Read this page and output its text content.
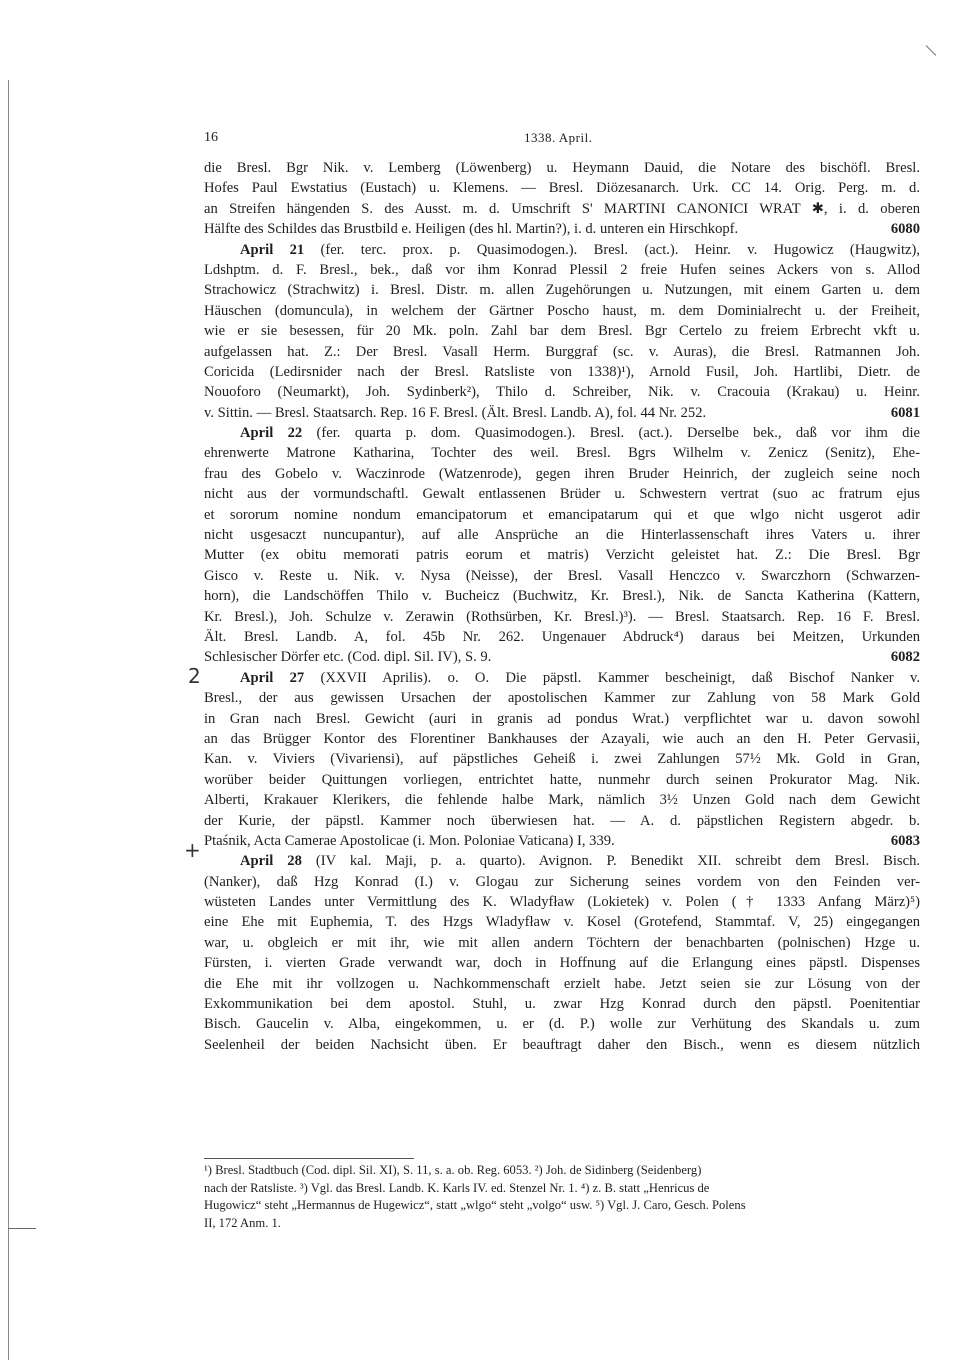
16	1338. April.
die Bresl. Bgr Nik. v. Lemberg (Löwenberg) u. Heymann Dauid, die Notare des bischöfl. Bresl.
Hofes Paul Ewstatius (Eustach) u. Klemens. — Bresl. Diözesanarch. Urk. CC 14. Orig. Perg. m. d.
an Streifen hängenden S. des Ausst. m. d. Umschrift S' MARTINI CANONICI WRAT ✱, i. d. oberen
Hälfte des Schildes das Brustbild e. Heiligen (des hl. Martin?), i. d. unteren ein Hirschkopf.	6080
April 21 (fer. terc. prox. p. Quasimodogen.). Bresl. (act.). Heinr. v. Hugowicz (Haugwitz),
Ldshptm. d. F. Bresl., bek., daß vor ihm Konrad Plessil 2 freie Hufen seines Ackers von s. Allod
Strachowicz (Strachwitz) i. Bresl. Distr. m. allen Zugehörungen u. Nutzungen, mit einem Garten u. dem
Häuschen (domuncula), in welchem der Gärtner Poscho haust, m. dem Dominialrecht u. der Freiheit,
wie er sie besessen, für 20 Mk. poln. Zahl bar dem Bresl. Bgr Certelo zu freiem Erbrecht vkft u.
aufgelassen hat. Z.: Der Bresl. Vasall Herm. Burggraf (sc. v. Auras), die Bresl. Ratmannen Joh.
Coricida (Ledirsnider nach der Bresl. Ratsliste von 1338)¹), Arnold Fusil, Joh. Hartlibi, Dietr. de
Nouoforo (Neumarkt), Joh. Sydinberk²), Thilo d. Schreiber, Nik. v. Cracouia (Krakau) u. Heinr.
v. Sittin. — Bresl. Staatsarch. Rep. 16 F. Bresl. (Ält. Bresl. Landb. A), fol. 44 Nr. 252.	6081
April 22 (fer. quarta p. dom. Quasimodogen.). Bresl. (act.). Derselbe bek., daß vor ihm die
ehrenwerte Matrone Katharina, Tochter des weil. Bresl. Bgrs Wilhelm v. Zenicz (Senitz), Ehe-
frau des Gobelo v. Waczinrode (Watzenrode), gegen ihren Bruder Heinrich, der zugleich seine noch
nicht aus der vormundschaftl. Gewalt entlassenen Brüder u. Schwestern vertrat (suo ac fratrum ejus
et sororum nomine nondum emancipatorum et emancipatarum qui et que wlgo nicht usgerot adir
nicht usgesaczt nuncupantur), auf alle Ansprüche an die Hinterlassenschaft ihres Vaters u. ihrer
Mutter (ex obitu memorati patris eorum et matris) Verzicht geleistet hat. Z.: Die Bresl. Bgr
Gisco v. Reste u. Nik. v. Nysa (Neisse), der Bresl. Vasall Henczco v. Swarczhorn (Schwarzen-
horn), die Landschöffen Thilo v. Bucheicz (Buchwitz, Kr. Bresl.), Nik. de Sancta Katherina (Kattern,
Kr. Bresl.), Joh. Schulze v. Zerawin (Rothsürben, Kr. Bresl.)³). — Bresl. Staatsarch. Rep. 16 F. Bresl.
Ält. Bresl. Landb. A, fol. 45b Nr. 262. Ungenauer Abdruck⁴) daraus bei Meitzen, Urkunden
Schlesischer Dörfer etc. (Cod. dipl. Sil. IV), S. 9.	6082
April 27 (XXVII Aprilis). o. O. Die päpstl. Kammer bescheinigt, daß Bischof Nanker v.
Bresl., der aus gewissen Ursachen der apostolischen Kammer zur Zahlung von 58 Mark Gold
in Gran nach Bresl. Gewicht (auri in granis ad pondus Wrat.) verpflichtet war u. davon sowohl
an das Brügger Kontor des Florentiner Bankhauses der Azayali, wie auch an den H. Peter Gervasii,
Kan. v. Viviers (Vivariensi), auf päpstliches Geheiß i. zwei Zahlungen 57½ Mk. Gold in Gran,
worüber beider Quittungen vorliegen, entrichtet hatte, nunmehr durch seinen Prokurator Mag. Nik.
Alberti, Krakauer Klerikers, die fehlende halbe Mark, nämlich 3½ Unzen Gold nach dem Gewicht
der Kurie, der päpstl. Kammer noch überwiesen hat. — A. d. päpstlichen Registern abgedr. b.
Ptaśnik, Acta Camerae Apostolicae (i. Mon. Poloniae Vaticana) I, 339.	6083
April 28 (IV kal. Maji, p. a. quarto). Avignon. P. Benedikt XII. schreibt dem Bresl. Bisch.
(Nanker), daß Hzg Konrad (I.) v. Glogau zur Sicherung seines vordem von den Feinden ver-
wüsteten Landes unter Vermittlung des K. Wladyfław (Lokietek) v. Polen († 1333 Anfang März)⁵)
eine Ehe mit Euphemia, T. des Hzgs Wladyfław v. Kosel (Grotefend, Stammtaf. V, 25) eingegangen
war, u. obgleich er mit ihr, wie mit allen andern Töchtern der benachbarten (polnischen) Hzge u.
Fürsten, i. vierten Grade verwandt war, doch in Hoffnung auf die Erlangung eines päpstl. Dispenses
die Ehe mit ihr vollzogen u. Nachkommenschaft erzielt habe. Jetzt seien sie zur Lösung von der
Exkommunikation bei dem apostol. Stuhl, u. zwar Hzg Konrad durch den päpstl. Poenitentiar
Bisch. Gaucelin v. Alba, eingekommen, u. er (d. P.) wolle zur Verhütung des Skandals u. zum
Seelenheil der beiden Nachsicht üben. Er beauftragt daher den Bisch., wenn es diesem nützlich
2
+
¹) Bresl. Stadtbuch (Cod. dipl. Sil. XI), S. 11, s. a. ob. Reg. 6053. ²) Joh. de Sidinberg (Seidenberg)
nach der Ratsliste. ³) Vgl. das Bresl. Landb. K. Karls IV. ed. Stenzel Nr. 1. ⁴) z. B. statt „Henricus de
Hugowicz“ steht „Hermannus de Hugewicz“, statt „wlgo“ steht „volgo“ usw. ⁵) Vgl. J. Caro, Gesch. Polens
II, 172 Anm. 1.
